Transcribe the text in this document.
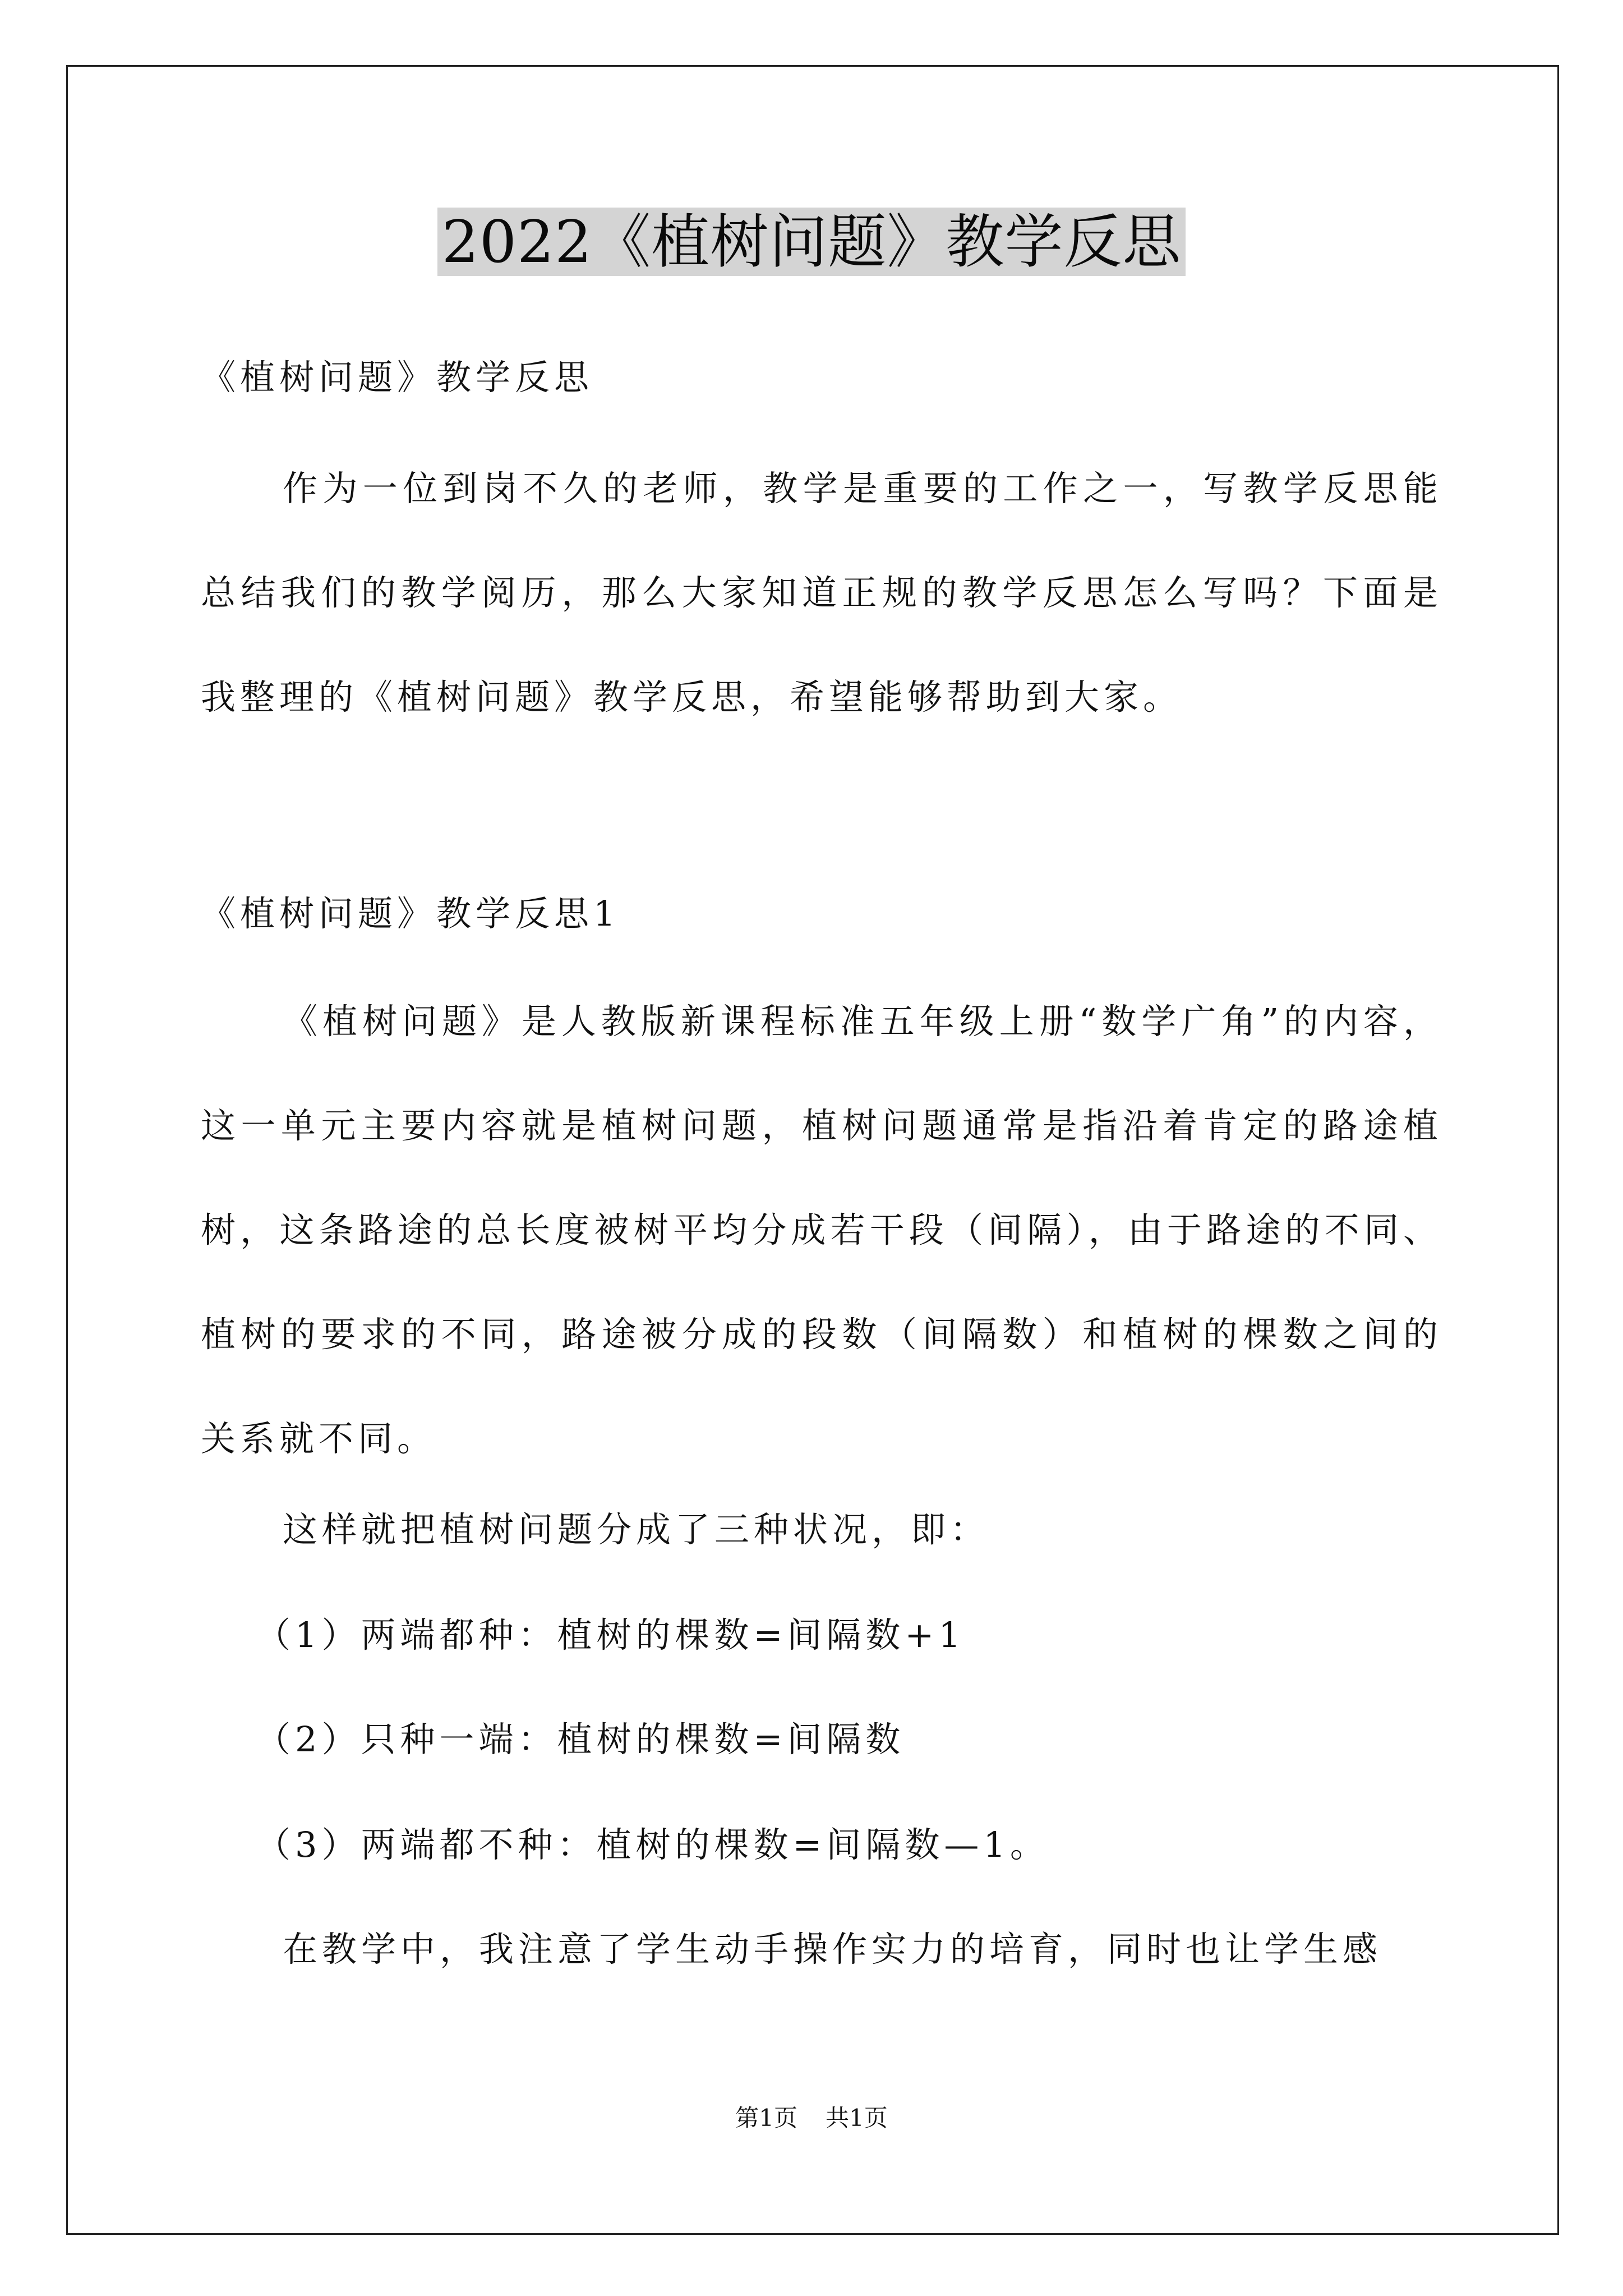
2022《植树问题》教学反思
《植树问题》教学反思
作为一位到岗不久的老师，教学是重要的工作之一，写教学反思能总结我们的教学阅历，那么大家知道正规的教学反思怎么写吗？下面是我整理的《植树问题》教学反思，希望能够帮助到大家。
《植树问题》教学反思1
《植树问题》是人教版新课程标准五年级上册“数学广角”的内容，这一单元主要内容就是植树问题，植树问题通常是指沿着肯定的路途植树，这条路途的总长度被树平均分成若干段（间隔），由于路途的不同、植树的要求的不同，路途被分成的段数（间隔数）和植树的棵数之间的关系就不同。
这样就把植树问题分成了三种状况，即：
（1）两端都种：植树的棵数=间隔数+1
（2）只种一端：植树的棵数=间隔数
（3）两端都不种：植树的棵数=间隔数—1。
在教学中，我注意了学生动手操作实力的培育，同时也让学生感
第1页 共1页
